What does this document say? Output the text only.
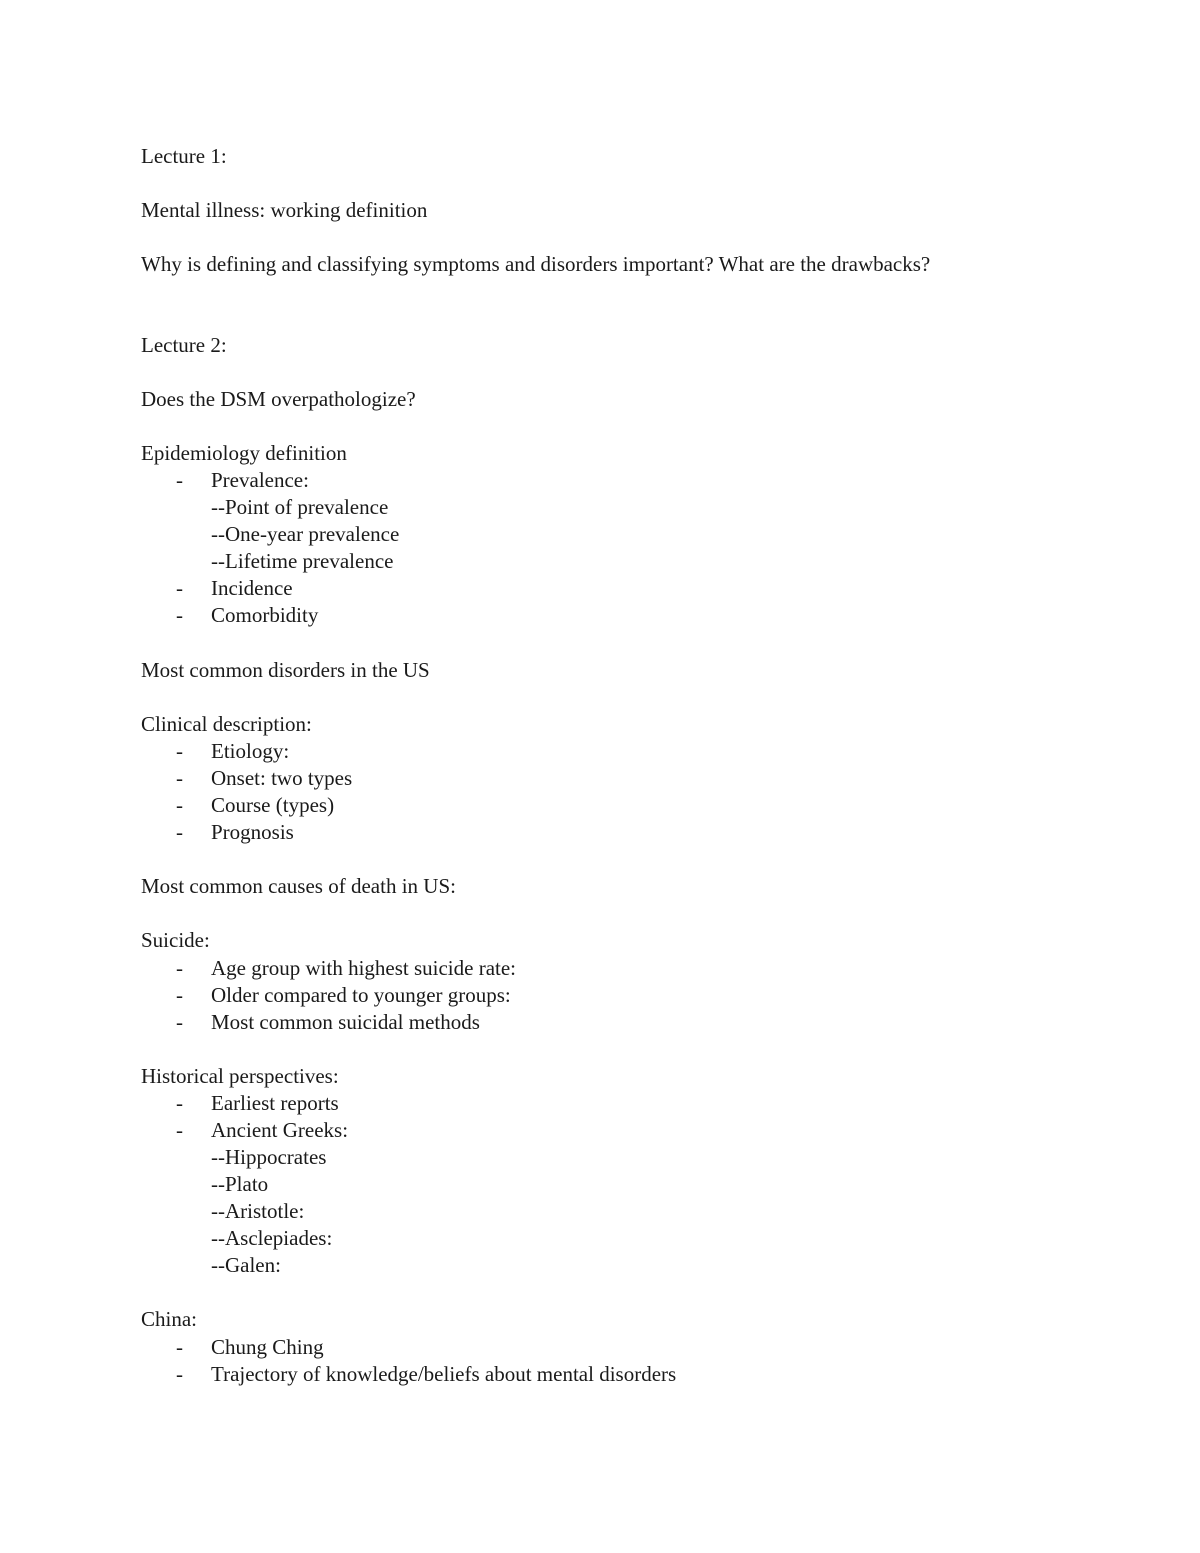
Lecture 1:

Mental illness: working definition

Why is defining and classifying symptoms and disorders important? What are the drawbacks?

Lecture 2:

Does the DSM overpathologize?

Epidemiology definition

- Prevalence:
--Point of prevalence
--One-year prevalence
--Lifetime prevalence
- Incidence
- Comorbidity

Most common disorders in the US

Clinical description:

- Etiology:
- Onset: two types
- Course (types)
- Prognosis

Most common causes of death in US:

Suicide:

- Age group with highest suicide rate:
- Older compared to younger groups:
- Most common suicidal methods

Historical perspectives:

- Earliest reports
- Ancient Greeks:
--Hippocrates
--Plato
--Aristotle:
--Asclepiades:
--Galen:

China:

- Chung Ching
- Trajectory of knowledge/beliefs about mental disorders
